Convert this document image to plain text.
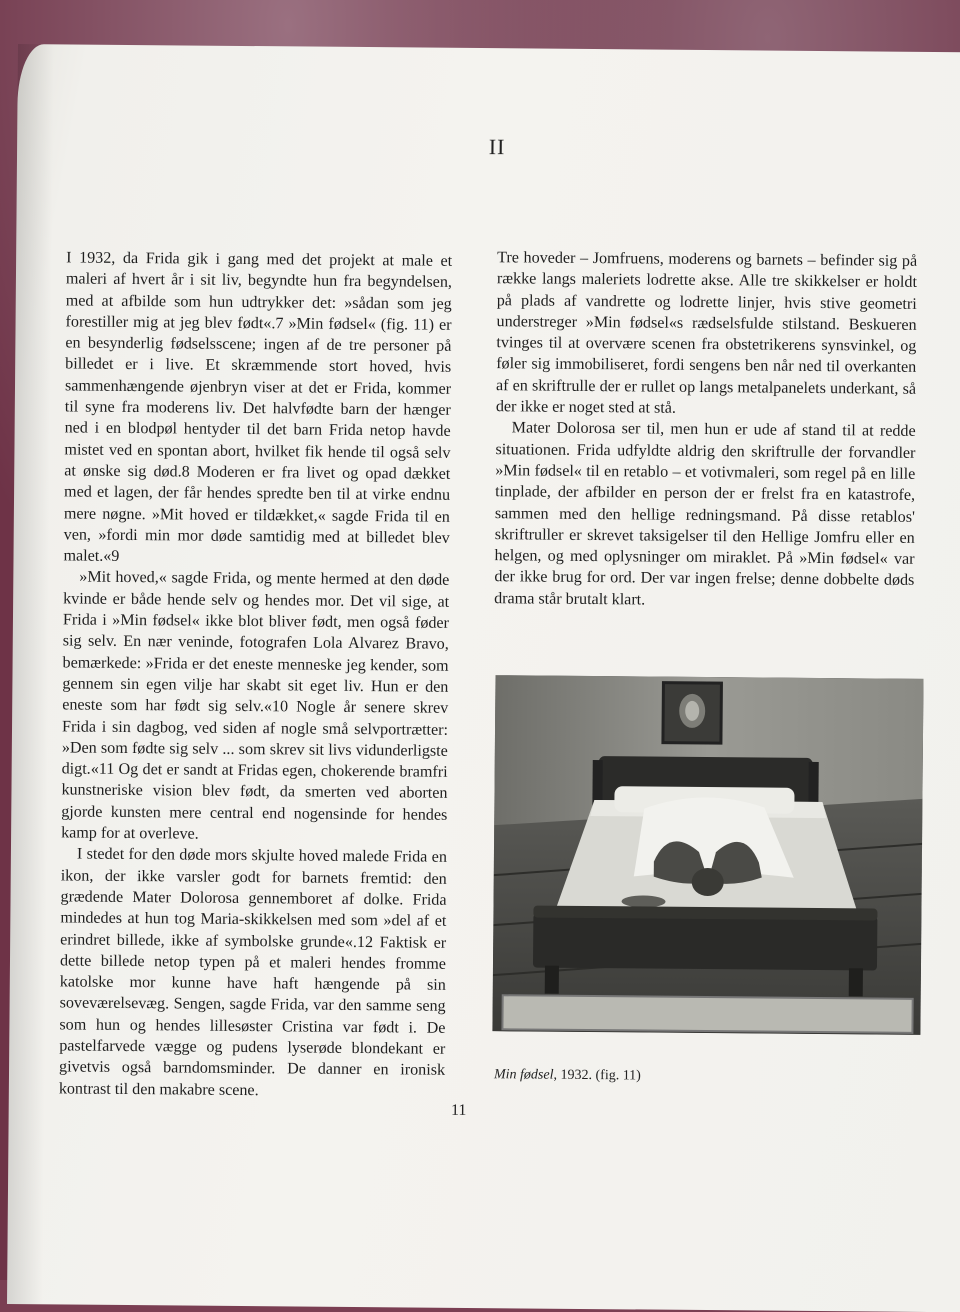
II

I 1932, da Frida gik i gang med det projekt at male et maleri af hvert år i sit liv, begyndte hun fra begyndelsen, med at afbilde som hun udtrykker det: »sådan som jeg forestiller mig at jeg blev født«.7 »Min fødsel« (fig. 11) er en besynderlig fødselsscene; ingen af de tre personer på billedet er i live. Et skræmmende stort hoved, hvis sammenhængende øjenbryn viser at det er Frida, kommer til syne fra moderens liv. Det halvfødte barn der hænger ned i en blodpøl hentyder til det barn Frida netop havde mistet ved en spontan abort, hvilket fik hende til også selv at ønske sig død.8 Moderen er fra livet og opad dækket med et lagen, der får hendes spredte ben til at virke endnu mere nøgne. »Mit hoved er tildækket,« sagde Frida til en ven, »fordi min mor døde samtidig med at billedet blev malet.«9

»Mit hoved,« sagde Frida, og mente hermed at den døde kvinde er både hende selv og hendes mor. Det vil sige, at Frida i »Min fødsel« ikke blot bliver født, men også føder sig selv. En nær veninde, fotografen Lola Alvarez Bravo, bemærkede: »Frida er det eneste menneske jeg kender, som gennem sin egen vilje har skabt sit eget liv. Hun er den eneste som har født sig selv.«10 Nogle år senere skrev Frida i sin dagbog, ved siden af nogle små selvportrætter: »Den som fødte sig selv ... som skrev sit livs vidunderligste digt.«11 Og det er sandt at Fridas egen, chokerende bramfri kunstneriske vision blev født, da smerten ved aborten gjorde kunsten mere central end nogensinde for hendes kamp for at overleve.

I stedet for den døde mors skjulte hoved malede Frida en ikon, der ikke varsler godt for barnets fremtid: den grædende Mater Dolorosa gennemboret af dolke. Frida mindedes at hun tog Maria-skikkelsen med som »del af et erindret billede, ikke af symbolske grunde«.12 Faktisk er dette billede netop typen på et maleri hendes fromme katolske mor kunne have haft hængende på sin soveværelsevæg. Sengen, sagde Frida, var den samme seng som hun og hendes lillesøster Cristina var født i. De pastelfarvede vægge og pudens lyserøde blondekant er givetvis også barndomsminder. De danner en ironisk kontrast til den makabre scene.

Tre hoveder – Jomfruens, moderens og barnets – befinder sig på række langs maleriets lodrette akse. Alle tre skikkelser er holdt på plads af vandrette og lodrette linjer, hvis stive geometri understreger »Min fødsel«s rædselsfulde stilstand. Beskueren tvinges til at overvære scenen fra obstetrikerens synsvinkel, og føler sig immobiliseret, fordi sengens ben når ned til overkanten af en skriftrulle der er rullet op langs metalpanelets underkant, så der ikke er noget sted at stå.

Mater Dolorosa ser til, men hun er ude af stand til at redde situationen. Frida udfyldte aldrig den skriftrulle der forvandler »Min fødsel« til en retablo – et votivmaleri, som regel på en lille tinplade, der afbilder en person der er frelst fra en katastrofe, sammen med den hellige redningsmand. På disse retablos' skriftruller er skrevet taksigelser til den Hellige Jomfru eller en helgen, og med oplysninger om miraklet. På »Min fødsel« var der ikke brug for ord. Der var ingen frelse; denne dobbelte døds drama står brutalt klart.

Min fødsel, 1932. (fig. 11)
11
